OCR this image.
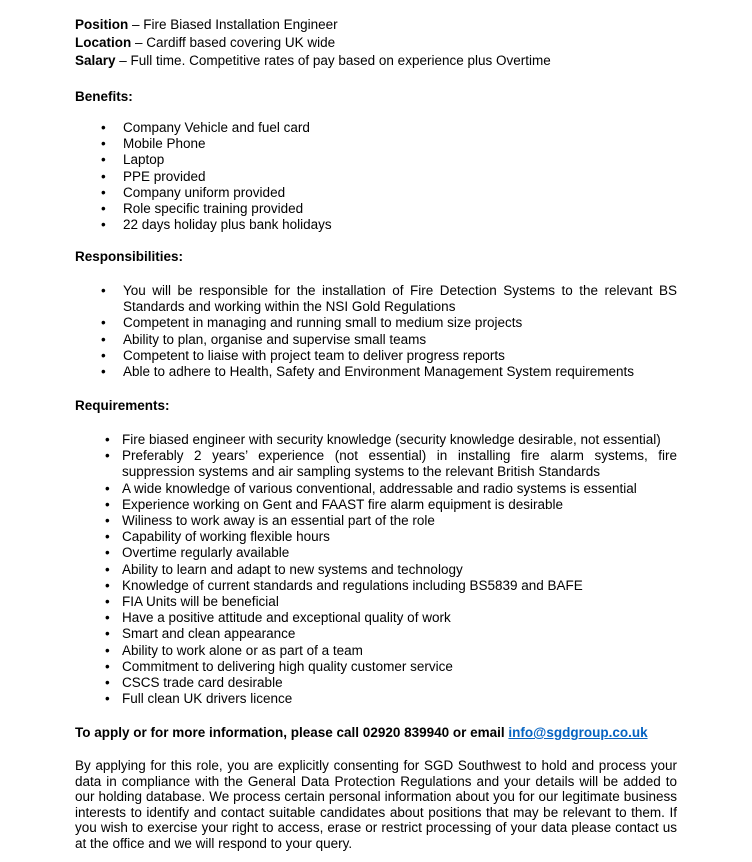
Position – Fire Biased Installation Engineer
Location – Cardiff based covering UK wide
Salary – Full time. Competitive rates of pay based on experience plus Overtime
Benefits:
• Company Vehicle and fuel card
• Mobile Phone
• Laptop
• PPE provided
• Company uniform provided
• Role specific training provided
• 22 days holiday plus bank holidays
Responsibilities:
• You will be responsible for the installation of Fire Detection Systems to the relevant BS Standards and working within the NSI Gold Regulations
• Competent in managing and running small to medium size projects
• Ability to plan, organise and supervise small teams
• Competent to liaise with project team to deliver progress reports
• Able to adhere to Health, Safety and Environment Management System requirements
Requirements:
• Fire biased engineer with security knowledge (security knowledge desirable, not essential)
• Preferably 2 years’ experience (not essential) in installing fire alarm systems, fire suppression systems and air sampling systems to the relevant British Standards
• A wide knowledge of various conventional, addressable and radio systems is essential
• Experience working on Gent and FAAST fire alarm equipment is desirable
• Wiliness to work away is an essential part of the role
• Capability of working flexible hours
• Overtime regularly available
• Ability to learn and adapt to new systems and technology
• Knowledge of current standards and regulations including BS5839 and BAFE
• FIA Units will be beneficial
• Have a positive attitude and exceptional quality of work
• Smart and clean appearance
• Ability to work alone or as part of a team
• Commitment to delivering high quality customer service
• CSCS trade card desirable
• Full clean UK drivers licence
To apply or for more information, please call 02920 839940 or email info@sgdgroup.co.uk
By applying for this role, you are explicitly consenting for SGD Southwest to hold and process your data in compliance with the General Data Protection Regulations and your details will be added to our holding database. We process certain personal information about you for our legitimate business interests to identify and contact suitable candidates about positions that may be relevant to them. If you wish to exercise your right to access, erase or restrict processing of your data please contact us at the office and we will respond to your query.
